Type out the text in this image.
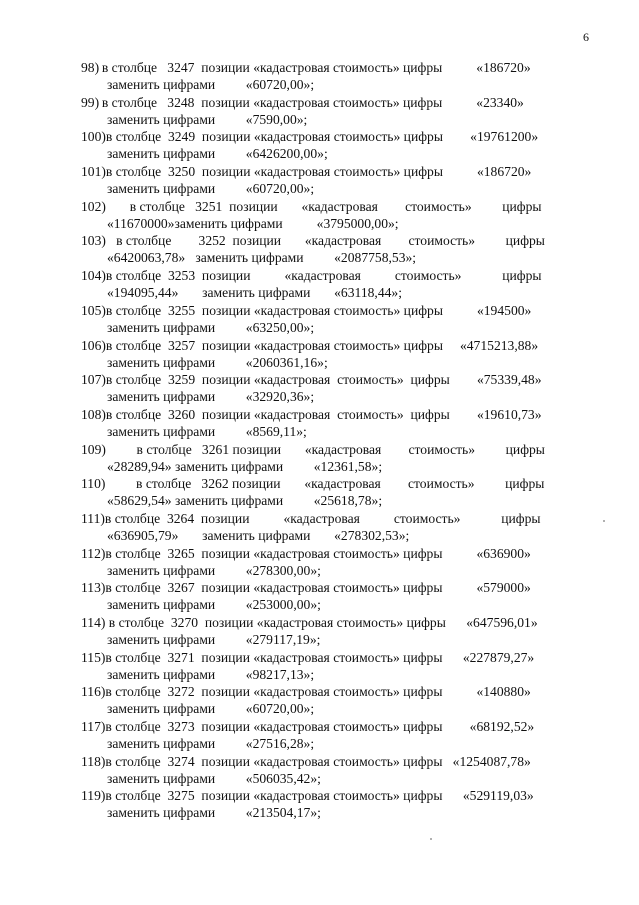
6
98) в столбце   3247  позиции «кадастровая стоимость» цифры          «186720»
заменить цифрами         «60720,00»;
99) в столбце   3248  позиции «кадастровая стоимость» цифры          «23340»
заменить цифрами         «7590,00»;
100)в столбце  3249  позиции «кадастровая стоимость» цифры        «19761200»
заменить цифрами         «6426200,00»;
101)в столбце  3250  позиции «кадастровая стоимость» цифры          «186720»
заменить цифрами         «60720,00»;
102)       в столбце   3251  позиции       «кадастровая        стоимость»         цифры
«11670000»заменить цифрами          «3795000,00»;
103)   в столбце        3252  позиции       «кадастровая        стоимость»         цифры
«6420063,78»   заменить цифрами         «2087758,53»;
104)в столбце  3253  позиции          «кадастровая          стоимость»            цифры
«194095,44»       заменить цифрами       «63118,44»;
105)в столбце  3255  позиции «кадастровая стоимость» цифры          «194500»
заменить цифрами         «63250,00»;
106)в столбце  3257  позиции «кадастровая стоимость» цифры     «4715213,88»
заменить цифрами         «2060361,16»;
107)в столбце  3259  позиции «кадастровая  стоимость»  цифры        «75339,48»
заменить цифрами         «32920,36»;
108)в столбце  3260  позиции «кадастровая  стоимость»  цифры        «19610,73»
заменить цифрами         «8569,11»;
109)         в столбце   3261 позиции       «кадастровая        стоимость»         цифры
«28289,94» заменить цифрами         «12361,58»;
110)         в столбце   3262 позиции       «кадастровая        стоимость»         цифры
«58629,54» заменить цифрами         «25618,78»;
111)в столбце  3264  позиции          «кадастровая          стоимость»            цифры
«636905,79»       заменить цифрами       «278302,53»;
112)в столбце  3265  позиции «кадастровая стоимость» цифры          «636900»
заменить цифрами         «278300,00»;
113)в столбце  3267  позиции «кадастровая стоимость» цифры          «579000»
заменить цифрами         «253000,00»;
114) в столбце  3270  позиции «кадастровая стоимость» цифры      «647596,01»
заменить цифрами         «279117,19»;
115)в столбце  3271  позиции «кадастровая стоимость» цифры      «227879,27»
заменить цифрами         «98217,13»;
116)в столбце  3272  позиции «кадастровая стоимость» цифры          «140880»
заменить цифрами         «60720,00»;
117)в столбце  3273  позиции «кадастровая стоимость» цифры        «68192,52»
заменить цифрами         «27516,28»;
118)в столбце  3274  позиции «кадастровая стоимость» цифры   «1254087,78»
заменить цифрами         «506035,42»;
119)в столбце  3275  позиции «кадастровая стоимость» цифры      «529119,03»
заменить цифрами         «213504,17»;
